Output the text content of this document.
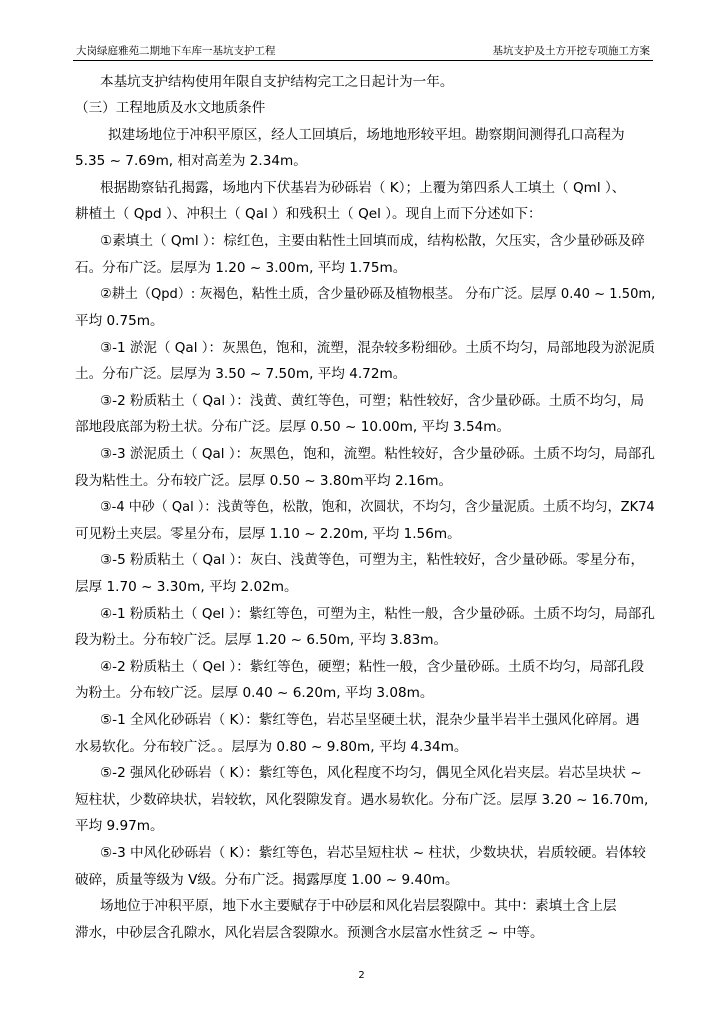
大岗绿庭雅苑二期地下车库一基坑支护工程	基坑支护及土方开挖专项施工方案
本基坑支护结构使用年限自支护结构完工之日起计为一年。
（三）工程地质及水文地质条件
拟建场地位于冲积平原区，经人工回填后，场地地形较平坦。勘察期间测得孔口高程为
5.35 ~ 7.69m, 相对高差为 2.34m。
根据勘察钻孔揭露，场地内下伏基岩为砂砾岩（ K）；上覆为第四系人工填土（ Qml ）、
耕植土（ Qpd ）、冲积土（ Qal ）和残积土（ Qel ）。现自上而下分述如下：
①素填土（ Qml ）：棕红色，主要由粘性土回填而成，结构松散，欠压实，含少量砂砾及碎
石。分布广泛。层厚为 1.20 ~ 3.00m, 平均 1.75m。
②耕土（Qpd）: 灰褐色，粘性土质，含少量砂砾及植物根茎。 分布广泛。层厚 0.40 ~ 1.50m,
平均 0.75m。
③-1 淤泥（ Qal ）：灰黑色，饱和，流塑，混杂较多粉细砂。土质不均匀，局部地段为淤泥质
土。分布广泛。层厚为 3.50 ~ 7.50m, 平均 4.72m。
③-2 粉质粘土（ Qal ）：浅黄、黄红等色，可塑；粘性较好，含少量砂砾。土质不均匀，局
部地段底部为粉土状。分布广泛。层厚 0.50 ~ 10.00m, 平均 3.54m。
③-3 淤泥质土（ Qal ）：灰黑色，饱和，流塑。粘性较好，含少量砂砾。土质不均匀，局部孔
段为粘性土。分布较广泛。层厚 0.50 ~ 3.80m平均 2.16m。
③-4 中砂（ Qal ）：浅黄等色，松散，饱和，次圆状，不均匀，含少量泥质。土质不均匀，ZK74
可见粉土夹层。零星分布，层厚 1.10 ~ 2.20m, 平均 1.56m。
③-5 粉质粘土（ Qal ）：灰白、浅黄等色，可塑为主，粘性较好，含少量砂砾。零星分布，
层厚 1.70 ~ 3.30m, 平均 2.02m。
④-1 粉质粘土（ Qel ）：紫红等色，可塑为主，粘性一般，含少量砂砾。土质不均匀，局部孔
段为粉土。分布较广泛。层厚 1.20 ~ 6.50m, 平均 3.83m。
④-2 粉质粘土（ Qel ）：紫红等色，硬塑；粘性一般，含少量砂砾。土质不均匀，局部孔段
为粉土。分布较广泛。层厚 0.40 ~ 6.20m, 平均 3.08m。
⑤-1 全风化砂砾岩（ K）：紫红等色，岩芯呈坚硬土状，混杂少量半岩半土强风化碎屑。遇
水易软化。分布较广泛。。层厚为 0.80 ~ 9.80m, 平均 4.34m。
⑤-2 强风化砂砾岩（ K）：紫红等色，风化程度不均匀，偶见全风化岩夹层。岩芯呈块状 ~
短柱状，少数碎块状，岩较软，风化裂隙发育。遇水易软化。分布广泛。层厚 3.20 ~ 16.70m,
平均 9.97m。
⑤-3 中风化砂砾岩（ K）：紫红等色，岩芯呈短柱状 ~ 柱状，少数块状，岩质较硬。岩体较
破碎，质量等级为 V级。分布广泛。揭露厚度 1.00 ~ 9.40m。
场地位于冲积平原，地下水主要赋存于中砂层和风化岩层裂隙中。其中：素填土含上层
滞水，中砂层含孔隙水，风化岩层含裂隙水。预测含水层富水性贫乏 ~ 中等。
2
